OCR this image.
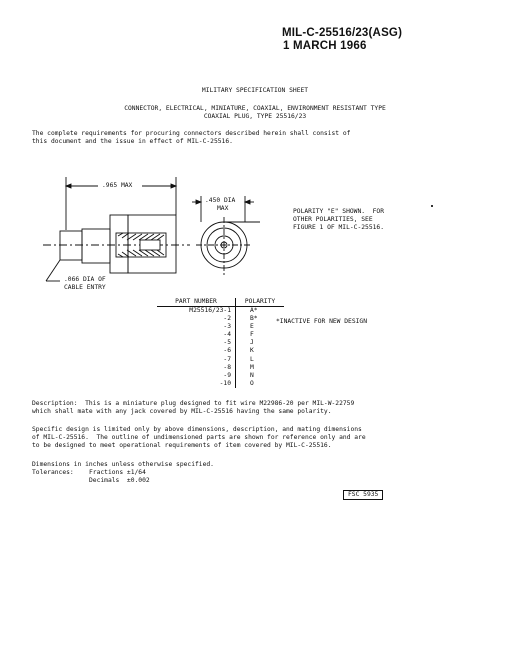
MIL-C-25516/23(ASG)
1 MARCH 1966
MILITARY SPECIFICATION SHEET
CONNECTOR, ELECTRICAL, MINIATURE, COAXIAL, ENVIRONMENT RESISTANT TYPE
COAXIAL PLUG, TYPE 25516/23
The complete requirements for procuring connectors described herein shall consist of
this document and the issue in effect of MIL-C-25516.
.965 MAX
.450 DIA
MAX
.066 DIA OF
CABLE ENTRY
POLARITY "E" SHOWN.  FOR
OTHER POLARITIES, SEE
FIGURE 1 OF MIL-C-25516.
PART NUMBER	POLARITY
M25516/23-1	A*
-2	B*
-3	E
-4	F
-5	J
-6	K
-7	L
-8	M
-9	N
-10	O
*INACTIVE FOR NEW DESIGN
Description:  This is a miniature plug designed to fit wire M22986-20 per MIL-W-22759
which shall mate with any jack covered by MIL-C-25516 having the same polarity.
Specific design is limited only by above dimensions, description, and mating dimensions
of MIL-C-25516.  The outline of undimensioned parts are shown for reference only and are
to be designed to meet operational requirements of item covered by MIL-C-25516.
Dimensions in inches unless otherwise specified.
Tolerances: Fractions ±1/64
Decimals  ±0.002
FSC 5935
